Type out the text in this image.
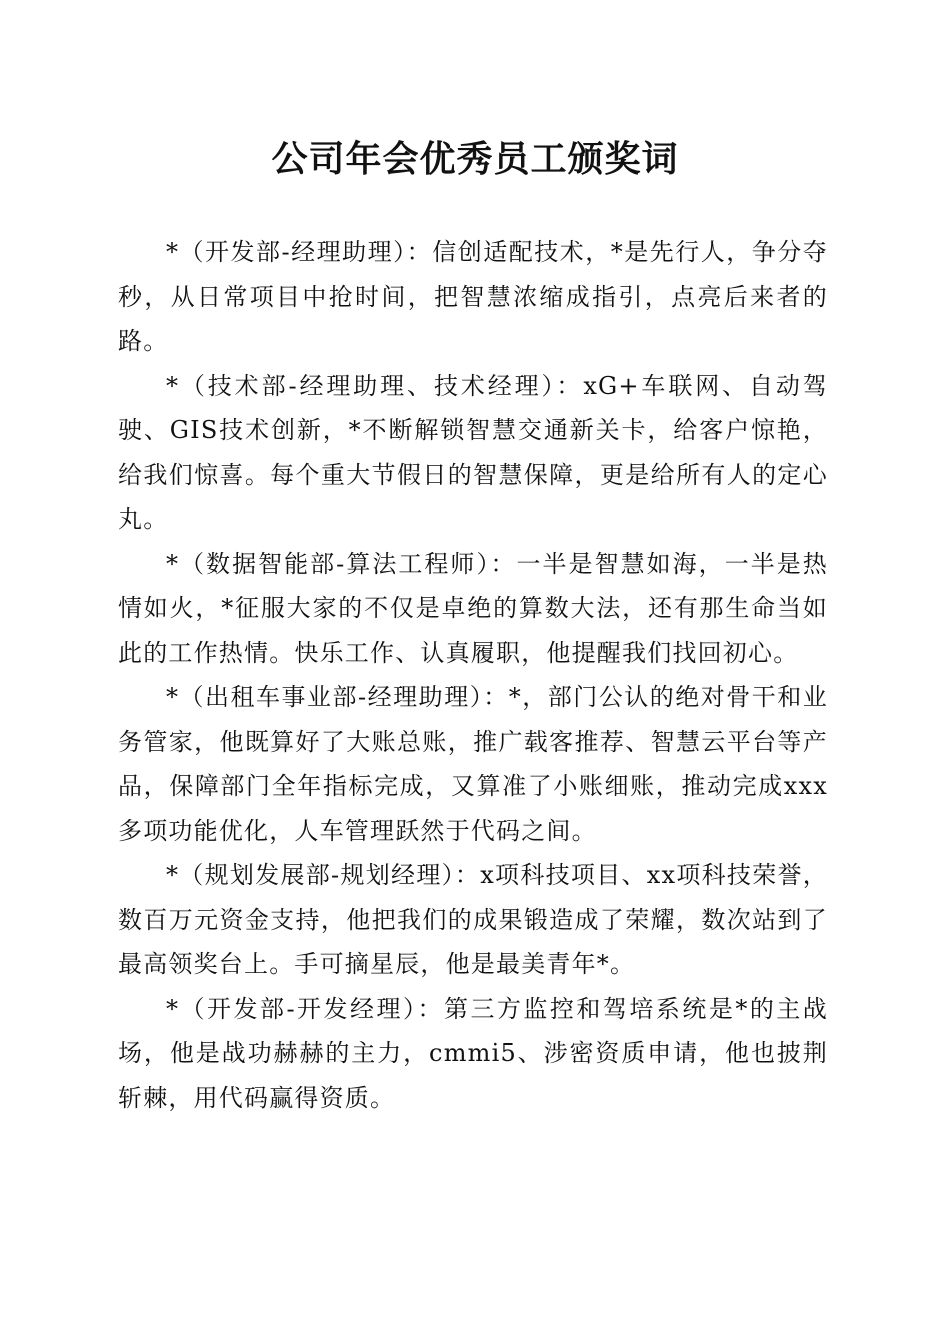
公司年会优秀员工颁奖词

*（开发部-经理助理）：信创适配技术，*是先行人，争分夺秒，从日常项目中抢时间，把智慧浓缩成指引，点亮后来者的路。

*（技术部-经理助理、技术经理）：xG+车联网、自动驾驶、GIS技术创新，*不断解锁智慧交通新关卡，给客户惊艳，给我们惊喜。每个重大节假日的智慧保障，更是给所有人的定心丸。

*（数据智能部-算法工程师）：一半是智慧如海，一半是热情如火，*征服大家的不仅是卓绝的算数大法，还有那生命当如此的工作热情。快乐工作、认真履职，他提醒我们找回初心。

*（出租车事业部-经理助理）：*，部门公认的绝对骨干和业务管家，他既算好了大账总账，推广载客推荐、智慧云平台等产品，保障部门全年指标完成，又算准了小账细账，推动完成xxx多项功能优化，人车管理跃然于代码之间。

*（规划发展部-规划经理）：x项科技项目、xx项科技荣誉，数百万元资金支持，他把我们的成果锻造成了荣耀，数次站到了最高领奖台上。手可摘星辰，他是最美青年*。

*（开发部-开发经理）：第三方监控和驾培系统是*的主战场，他是战功赫赫的主力，cmmi5、涉密资质申请，他也披荆斩棘，用代码赢得资质。
